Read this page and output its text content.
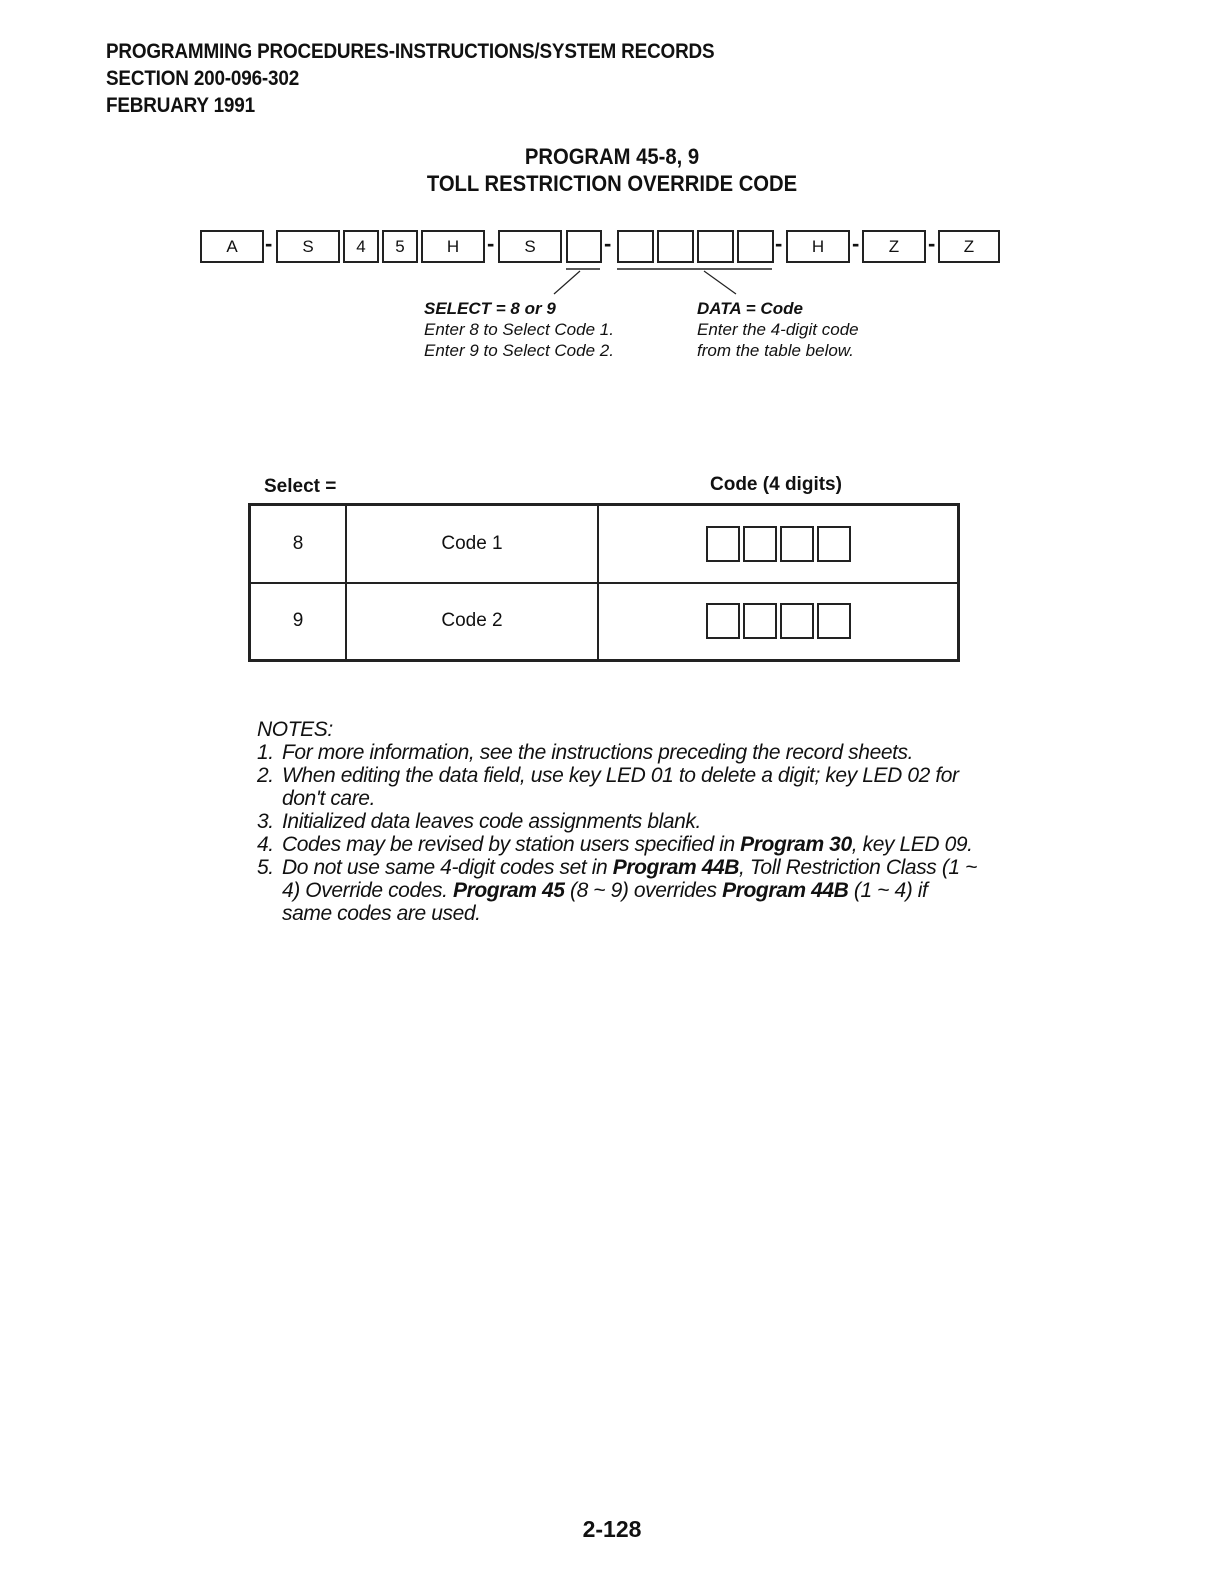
PROGRAMMING PROCEDURES-INSTRUCTIONS/SYSTEM RECORDS
SECTION 200-096-302
FEBRUARY 1991
PROGRAM 45-8, 9
TOLL RESTRICTION OVERRIDE CODE
A	-	S	4	5	H	-	S	-	-	H	-	Z	-	Z
SELECT = 8 or 9
Enter 8 to Select Code 1.
Enter 9 to Select Code 2.
DATA = Code
Enter the 4-digit code
from the table below.
Select =	Code (4 digits)
8	Code 1	

9	Code 2	
NOTES:
1. For more information, see the instructions preceding the record sheets.
2. When editing the data field, use key LED 01 to delete a digit; key LED 02 for don't care.
3. Initialized data leaves code assignments blank.
4. Codes may be revised by station users specified in Program 30, key LED 09.
5. Do not use same 4-digit codes set in Program 44B, Toll Restriction Class (1 ~ 4) Override codes. Program 45 (8 ~ 9) overrides Program 44B (1 ~ 4) if same codes are used.
2-128
